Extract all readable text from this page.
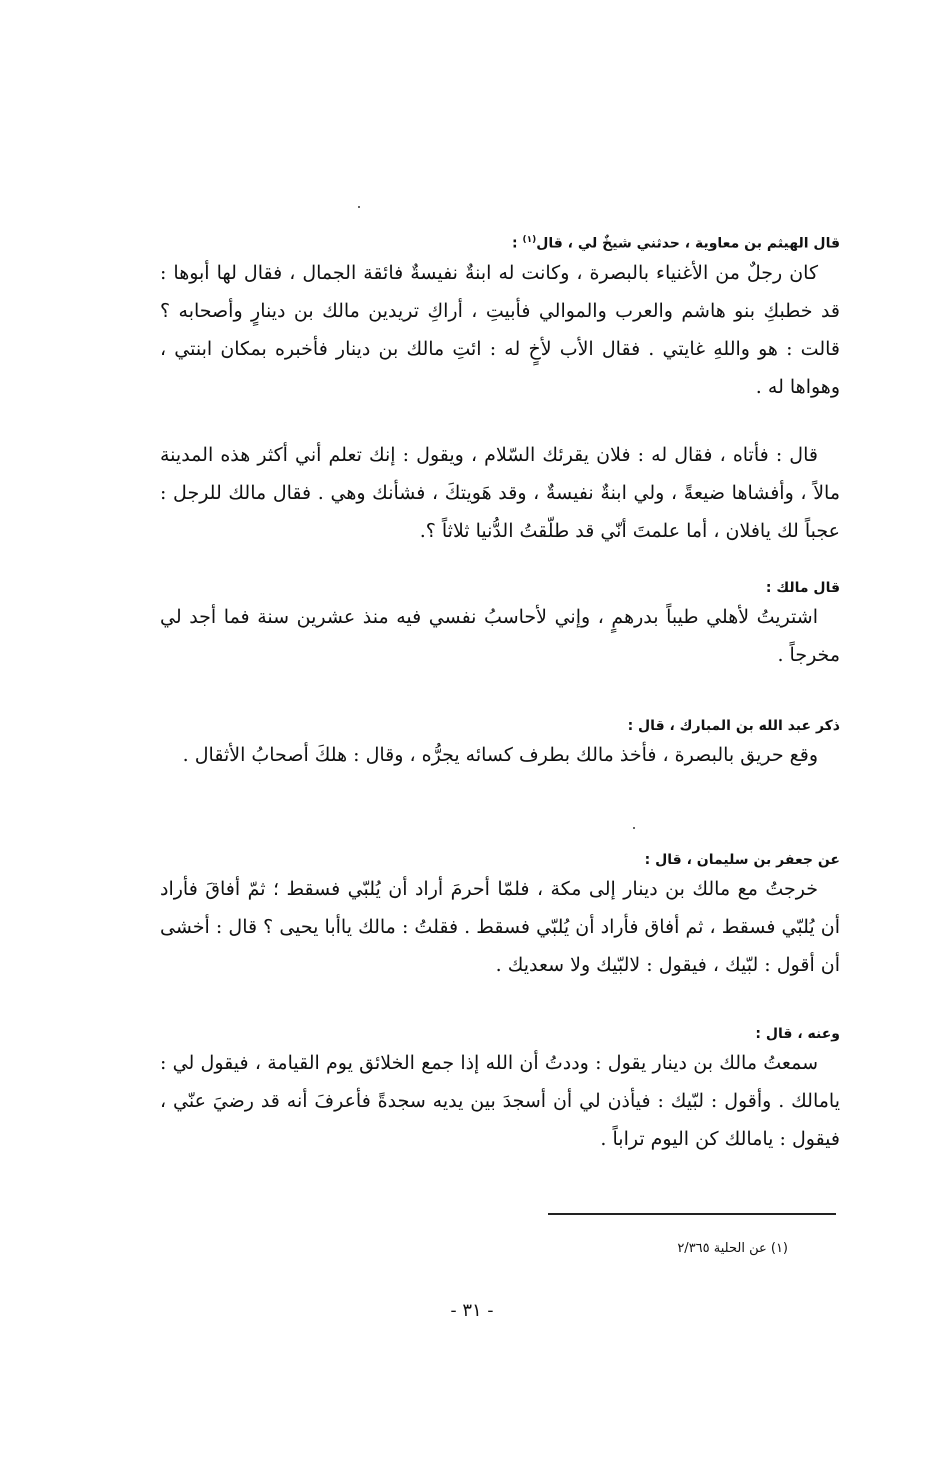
قال الهيثم بن معاوية ، حدثني شيخٌ لي ، قال$^{(١)}$ :
كان رجلٌ من الأغنياء بالبصرة ، وكانت له ابنةٌ نفيسةٌ فائقة الجمال ، فقال لها أبوها : قد خطبكِ بنو هاشم والعرب والموالي فأبيتِ ، أراكِ تريدين مالك بن دينارٍ وأصحابه ؟ قالت : هو واللهِ غايتي . فقال الأب لأخٍ له : ائتِ مالك بن دينار فأخبره بمكان ابنتي ، وهواها له .
قال : فأتاه ، فقال له : فلان يقرئك السّلام ، ويقول : إنك تعلم أني أكثر هذه المدينة مالاً ، وأفشاها ضيعةً ، ولي ابنةٌ نفيسةٌ ، وقد هَويتكَ ، فشأنك وهي . فقال مالك للرجل : عجباً لك يافلان ، أما علمتَ أنّي قد طلّقتُ الدُّنيا ثلاثاً ؟.
قال مالك :
اشتريتُ لأهلي طيباً بدرهمٍ ، وإني لأحاسبُ نفسي فيه منذ عشرين سنة فما أجد لي مخرجاً .
ذكر عبد الله بن المبارك ، قال :
وقع حريق بالبصرة ، فأخذ مالك بطرف كسائه يجرُّه ، وقال : هلكَ أصحابُ الأثقال .
عن جعفر بن سليمان ، قال :
خرجتُ مع مالك بن دينار إلى مكة ، فلمّا أحرمَ أراد أن يُلبّي فسقط ؛ ثمّ أفاقَ فأراد أن يُلبّي فسقط ، ثم أفاق فأراد أن يُلبّي فسقط . فقلتُ : مالك ياأبا يحيى ؟ قال : أخشى أن أقول : لبّيك ، فيقول : لالبّيك ولا سعديك .
وعنه ، قال :
سمعتُ مالك بن دينار يقول : وددتُ أن الله إذا جمع الخلائق يوم القيامة ، فيقول لي : يامالك . وأقول : لبّيك : فيأذن لي أن أسجدَ بين يديه سجدةً فأعرفَ أنه قد رضيَ عنّي ، فيقول : يامالك كن اليوم تراباً .
(١) عن الحلية ٢/٣٦٥
- ٣١ -
